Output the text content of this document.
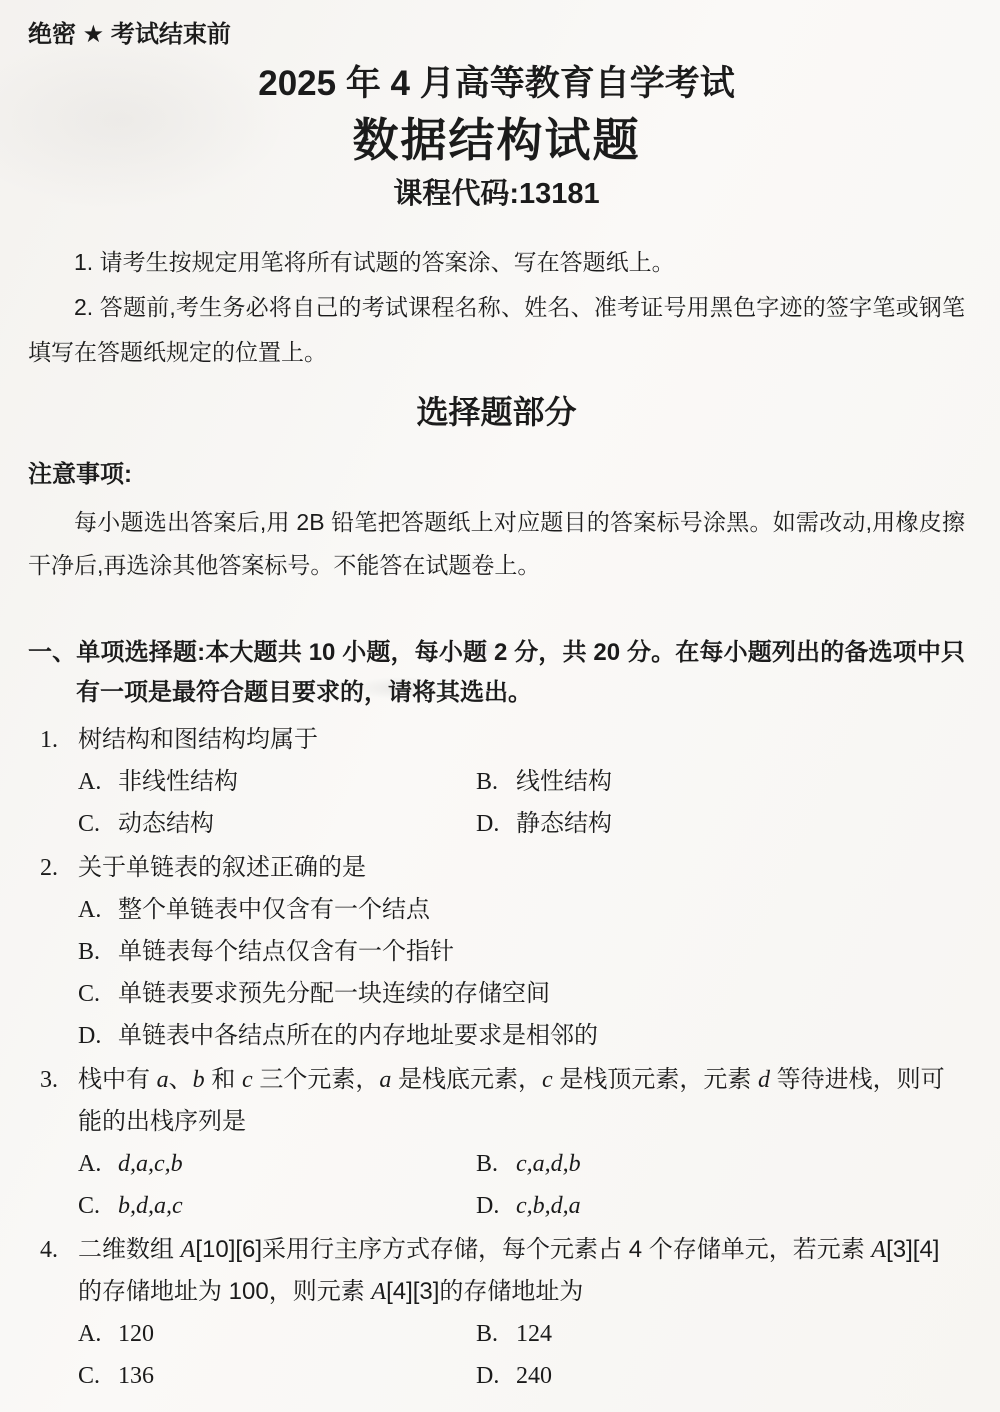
绝密 ★ 考试结束前
2025 年 4 月高等教育自学考试
数据结构试题
课程代码:13181

1. 请考生按规定用笔将所有试题的答案涂、写在答题纸上。

2. 答题前,考生务必将自己的考试课程名称、姓名、准考证号用黑色字迹的签字笔或钢笔填写在答题纸规定的位置上。

选择题部分
注意事项:

每小题选出答案后,用 2B 铅笔把答题纸上对应题目的答案标号涂黑。如需改动,用橡皮擦干净后,再选涂其他答案标号。不能答在试题卷上。

一、单项选择题:本大题共 10 小题，每小题 2 分，共 20 分。在每小题列出的备选项中只有一项是最符合题目要求的，请将其选出。
1. 树结构和图结构均属于
A. 非线性结构	B. 线性结构
C. 动态结构	D. 静态结构
2. 关于单链表的叙述正确的是
A. 整个单链表中仅含有一个结点
B. 单链表每个结点仅含有一个指针
C. 单链表要求预先分配一块连续的存储空间
D. 单链表中各结点所在的内存地址要求是相邻的
3. 栈中有 a、b 和 c 三个元素，a 是栈底元素，c 是栈顶元素，元素 d 等待进栈，则可
能的出栈序列是
A. d,a,c,b	B. c,a,d,b
C. b,d,a,c	D. c,b,d,a
4. 二维数组 A[10][6]采用行主序方式存储，每个元素占 4 个存储单元，若元素 A[3][4]
的存储地址为 100，则元素 A[4][3]的存储地址为
A. 120	B. 124
C. 136	D. 240
